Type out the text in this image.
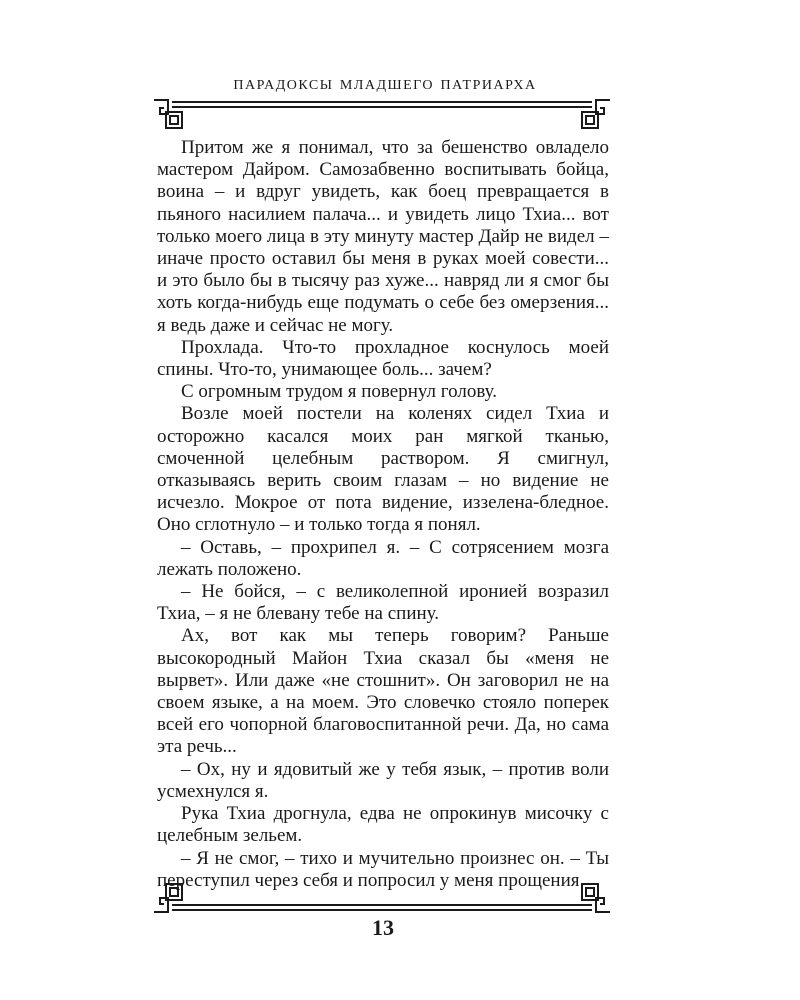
парадоксы младшего патриарха

Притом же я понимал, что за бешенство овладело мастером Дайром. Самозабвенно воспитывать бойца, воина – и вдруг увидеть, как боец превращается в пьяного насилием палача... и увидеть лицо Тхиа... вот только моего лица в эту минуту мастер Дайр не видел – иначе просто оставил бы меня в руках моей совести... и это было бы в тысячу раз хуже... навряд ли я смог бы хоть когда-нибудь еще подумать о себе без омерзения... я ведь даже и сейчас не могу.

Прохлада. Что-то прохладное коснулось моей спины. Что-то, унимающее боль... зачем?

С огромным трудом я повернул голову.

Возле моей постели на коленях сидел Тхиа и осторожно касался моих ран мягкой тканью, смоченной целебным раствором. Я смигнул, отказываясь верить своим глазам – но видение не исчезло. Мокрое от пота видение, иззелена-бледное. Оно сглотнуло – и только тогда я понял.

– Оставь, – прохрипел я. – С сотрясением мозга лежать положено.

– Не бойся, – с великолепной иронией возразил Тхиа, – я не блевану тебе на спину.

Ах, вот как мы теперь говорим? Раньше высокородный Майон Тхиа сказал бы «меня не вырвет». Или даже «не стошнит». Он заговорил не на своем языке, а на моем. Это словечко стояло поперек всей его чопорной благовоспитанной речи. Да, но сама эта речь...

– Ох, ну и ядовитый же у тебя язык, – против воли усмехнулся я.

Рука Тхиа дрогнула, едва не опрокинув мисочку с целебным зельем.

– Я не смог, – тихо и мучительно произнес он. – Ты переступил через себя и попросил у меня прощения

13
